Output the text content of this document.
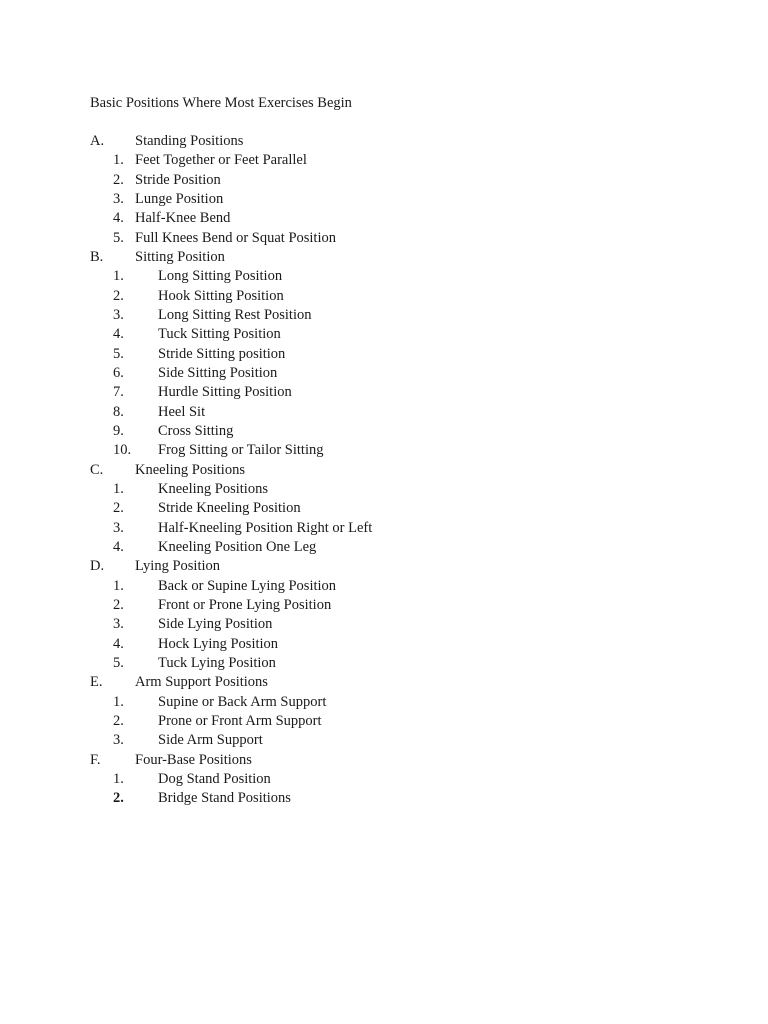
Basic Positions Where Most Exercises Begin
A. Standing Positions
1. Feet Together or Feet Parallel
2. Stride Position
3. Lunge Position
4. Half-Knee Bend
5. Full Knees Bend or Squat Position
B. Sitting Position
1. Long Sitting Position
2. Hook Sitting Position
3. Long Sitting Rest Position
4. Tuck Sitting Position
5. Stride Sitting position
6. Side Sitting Position
7. Hurdle Sitting Position
8. Heel Sit
9. Cross Sitting
10. Frog Sitting or Tailor Sitting
C. Kneeling Positions
1. Kneeling Positions
2. Stride Kneeling Position
3. Half-Kneeling Position Right or Left
4. Kneeling Position One Leg
D. Lying Position
1. Back or Supine Lying Position
2. Front or Prone Lying Position
3. Side Lying Position
4. Hock Lying Position
5. Tuck Lying Position
E. Arm Support Positions
1. Supine or Back Arm Support
2. Prone or Front Arm Support
3. Side Arm Support
F. Four-Base Positions
1. Dog Stand Position
2. Bridge Stand Positions
